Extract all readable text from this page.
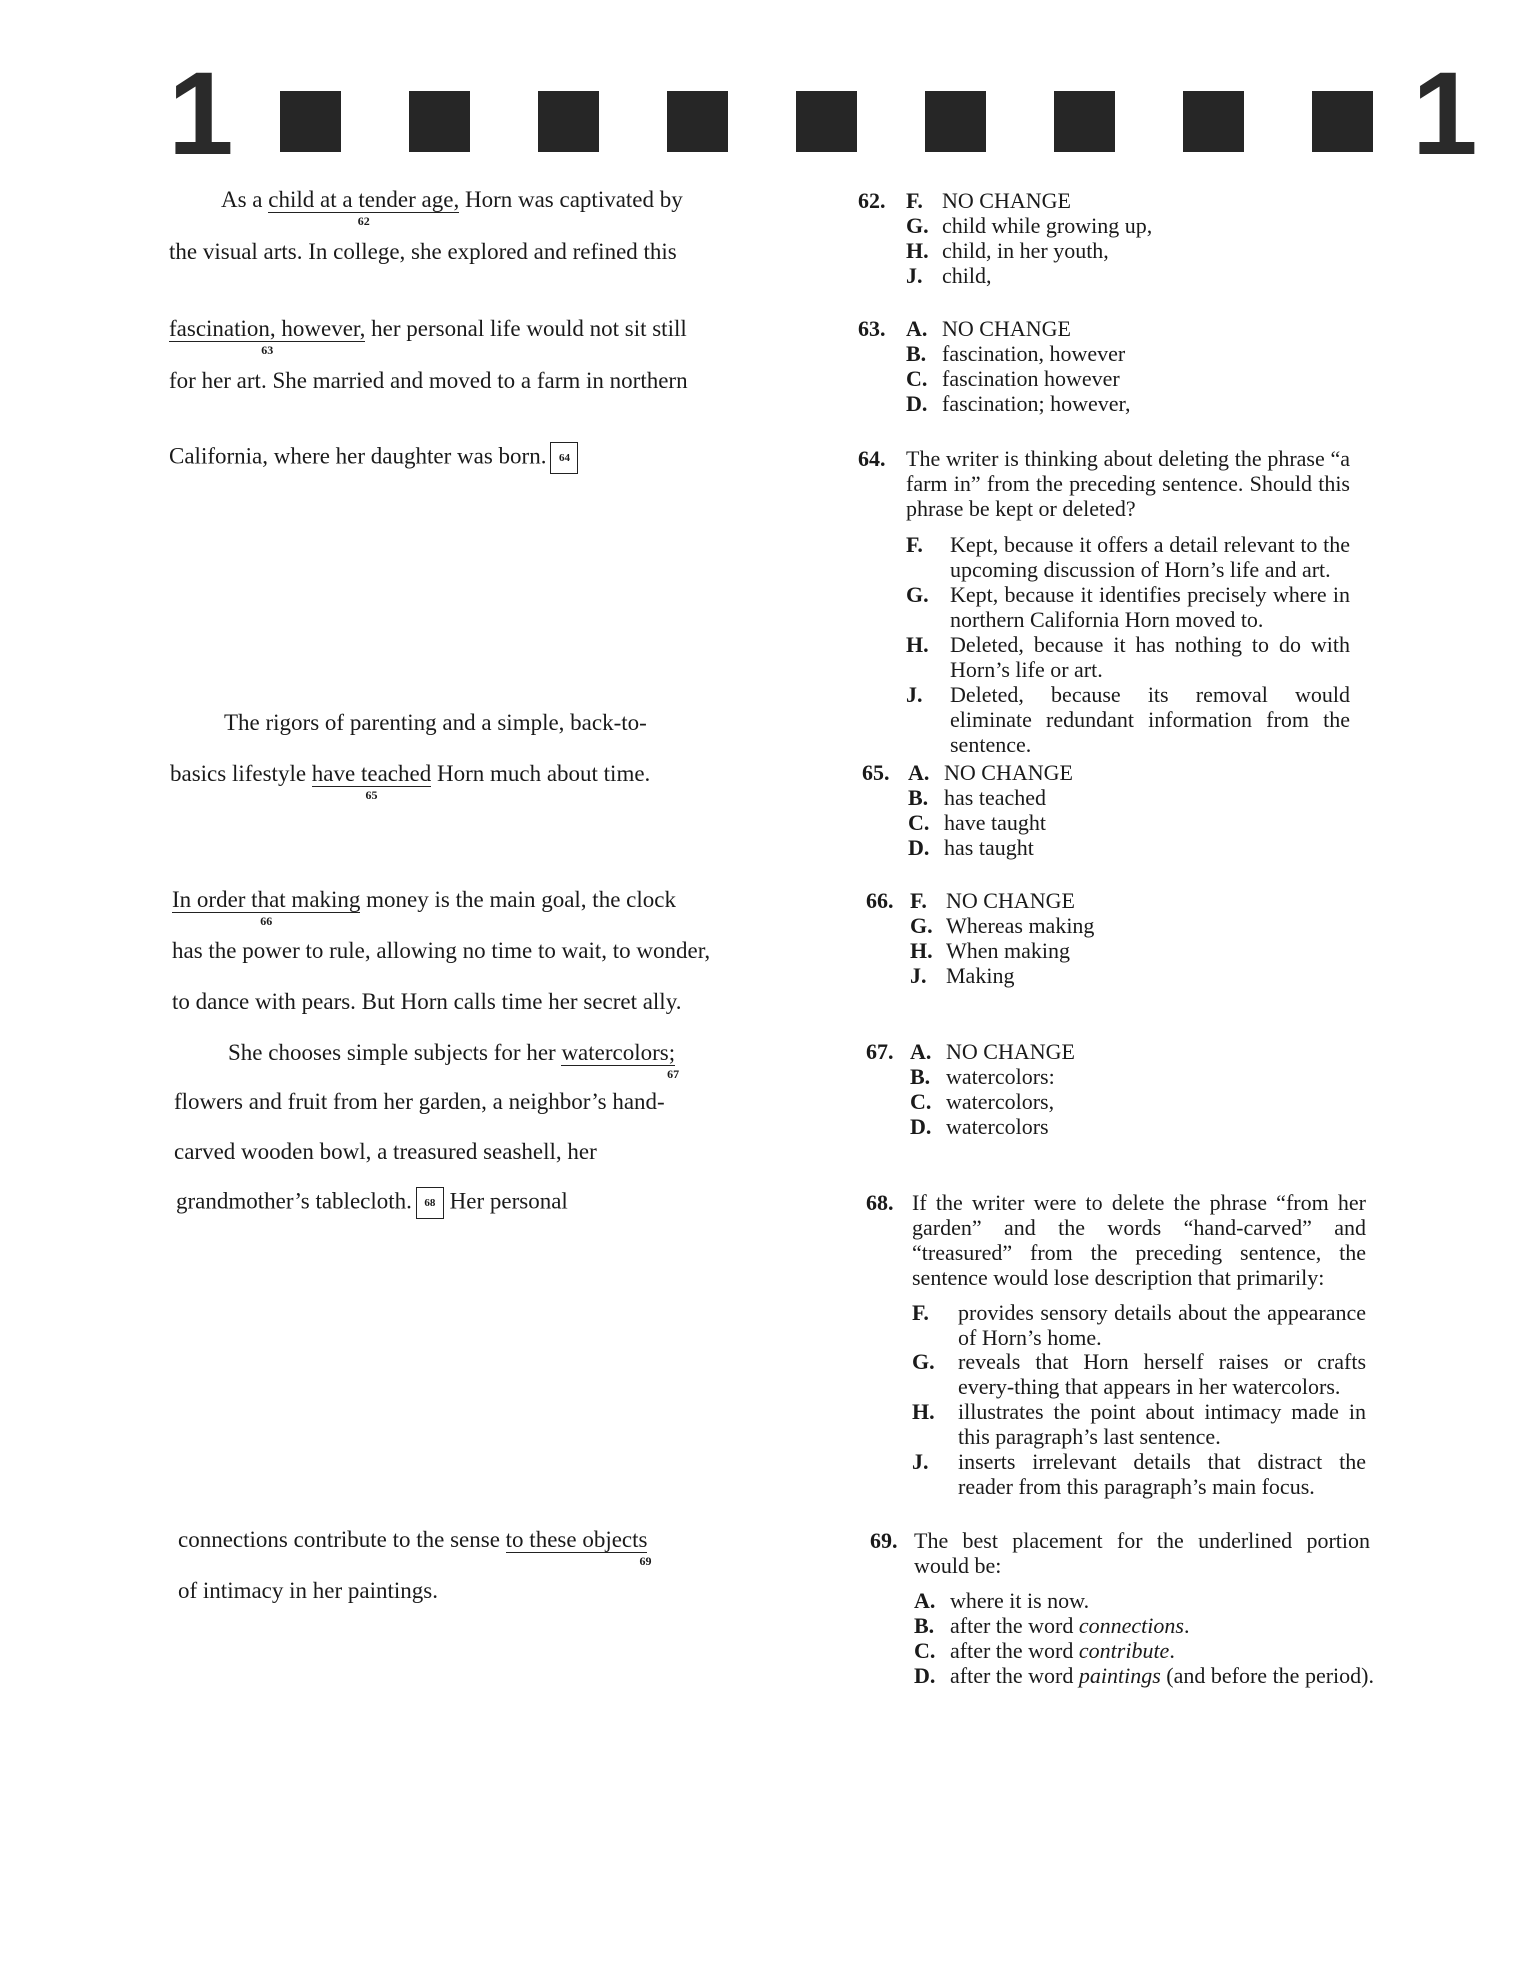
1	1
As a child at a tender age,
62
Horn was captivated by
the visual arts. In college, she explored and refined this
fascination, however,
63
her personal life would not sit still
for her art. She married and moved to a farm in northern
California, where her daughter was born. 64
The rigors of parenting and a simple, back-to-
basics lifestyle have teached
65
Horn much about time.
In order that making
66
money is the main goal, the clock
has the power to rule, allowing no time to wait, to wonder,
to dance with pears. But Horn calls time her secret ally.
She chooses simple subjects for her watercolors;
67
flowers and fruit from her garden, a neighbor’s hand-
carved wooden bowl, a treasured seashell, her
grandmother’s tablecloth. 68 Her personal
connections contribute to the sense to these objects
69
of intimacy in her paintings.
62. F. NO CHANGE
G. child while growing up,
H. child, in her youth,
J. child,
63. A. NO CHANGE
B. fascination, however
C. fascination however
D. fascination; however,
64. The writer is thinking about deleting the phrase “a farm in” from the preceding sentence. Should this phrase be kept or deleted?
F.	Kept, because it offers a detail relevant to the upcoming discussion of Horn’s life and art.
G. Kept, because it identifies precisely where in northern California Horn moved to.
H. Deleted, because it has nothing to do with Horn’s life or art.
J.	Deleted, because its removal would eliminate redundant information from the sentence.
65. A. NO CHANGE
B. has teached
C. have taught
D. has taught
66. F. NO CHANGE
G. Whereas making
H. When making
J. Making
67. A. NO CHANGE
B. watercolors:
C. watercolors,
D. watercolors
68. If the writer were to delete the phrase “from her garden” and the words “hand-carved” and “treasured” from the preceding sentence, the sentence would lose description that primarily:
F.	provides sensory details about the appearance of Horn’s home.
G.	reveals that Horn herself raises or crafts every-thing that appears in her watercolors.
H.	illustrates the point about intimacy made in this paragraph’s last sentence.
J.	inserts irrelevant details that distract the reader from this paragraph’s main focus.
69. The best placement for the underlined portion would be:
A. where it is now.
B. after the word connections.
C. after the word contribute.
D. after the word paintings (and before the period).
